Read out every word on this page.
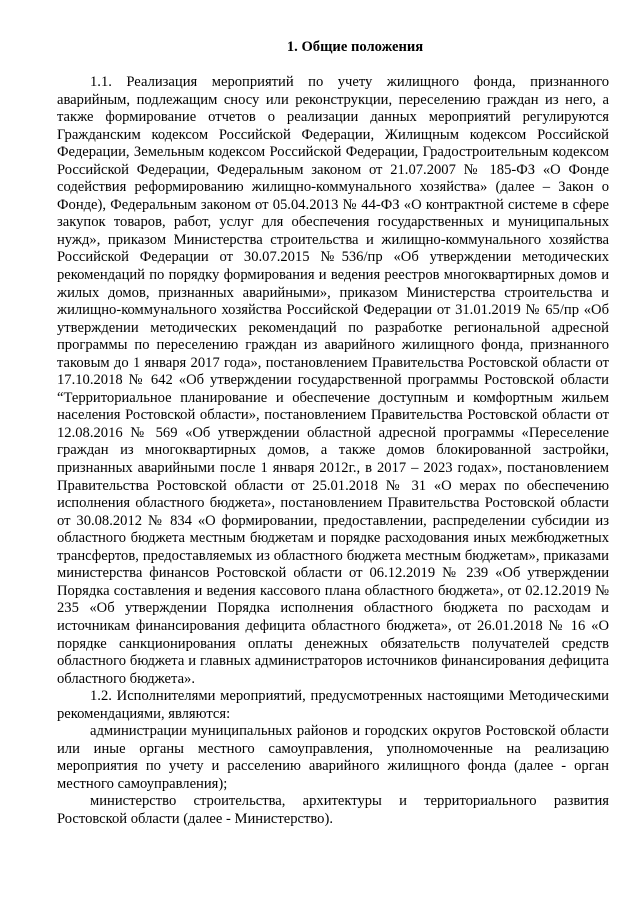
1. Общие положения

1.1. Реализация мероприятий по учету жилищного фонда, признанного аварийным, подлежащим сносу или реконструкции, переселению граждан из него, а также формирование отчетов о реализации данных мероприятий регулируются Гражданским кодексом Российской Федерации, Жилищным кодексом Российской Федерации, Земельным кодексом Российской Федерации, Градостроительным кодексом Российской Федерации, Федеральным законом от 21.07.2007 № 185-ФЗ «О Фонде содействия реформированию жилищно-коммунального хозяйства» (далее – Закон о Фонде), Федеральным законом от 05.04.2013 № 44-ФЗ «О контрактной системе в сфере закупок товаров, работ, услуг для обеспечения государственных и муниципальных нужд», приказом Министерства строительства и жилищно-коммунального хозяйства Российской Федерации от 30.07.2015 №536/пр «Об утверждении методических рекомендаций по порядку формирования и ведения реестров многоквартирных домов и жилых домов, признанных аварийными», приказом Министерства строительства и жилищно-коммунального хозяйства Российской Федерации от 31.01.2019 № 65/пр «Об утверждении методических рекомендаций по разработке региональной адресной программы по переселению граждан из аварийного жилищного фонда, признанного таковым до 1 января 2017 года», постановлением Правительства Ростовской области от 17.10.2018 № 642 «Об утверждении государственной программы Ростовской области “Территориальное планирование и обеспечение доступным и комфортным жильем населения Ростовской области», постановлением Правительства Ростовской области от 12.08.2016 № 569 «Об утверждении областной адресной программы «Переселение граждан из многоквартирных домов, а также домов блокированной застройки, признанных аварийными после 1 января 2012г., в 2017 – 2023 годах», постановлением Правительства Ростовской области от 25.01.2018 № 31 «О мерах по обеспечению исполнения областного бюджета», постановлением Правительства Ростовской области от 30.08.2012 № 834 «О формировании, предоставлении, распределении субсидии из областного бюджета местным бюджетам и порядке расходования иных межбюджетных трансфертов, предоставляемых из областного бюджета местным бюджетам», приказами министерства финансов Ростовской области от 06.12.2019 № 239 «Об утверждении Порядка составления и ведения кассового плана областного бюджета», от 02.12.2019 № 235 «Об утверждении Порядка исполнения областного бюджета по расходам и источникам финансирования дефицита областного бюджета», от 26.01.2018 № 16 «О порядке санкционирования оплаты денежных обязательств получателей средств областного бюджета и главных администраторов источников финансирования дефицита областного бюджета».

1.2. Исполнителями мероприятий, предусмотренных настоящими Методическими рекомендациями, являются:

администрации муниципальных районов и городских округов Ростовской области или иные органы местного самоуправления, уполномоченные на реализацию мероприятия по учету и расселению аварийного жилищного фонда (далее - орган местного самоуправления);

министерство строительства, архитектуры и территориального развития Ростовской области (далее - Министерство).
